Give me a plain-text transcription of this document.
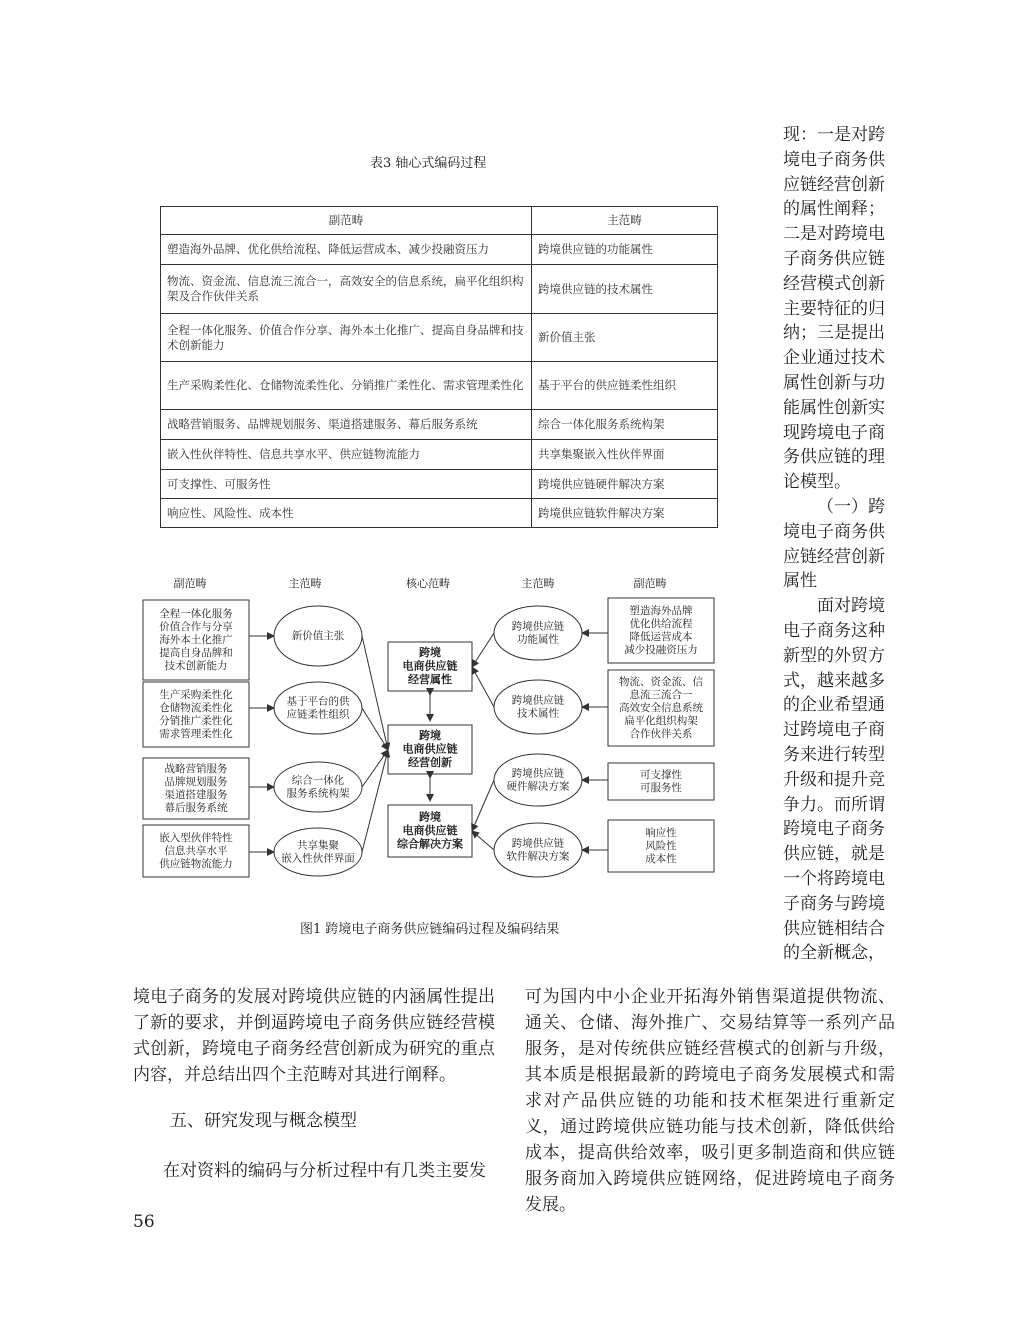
表3 轴心式编码过程
副范畴	主范畴
塑造海外品牌、优化供给流程、降低运营成本、减少投融资压力	跨境供应链的功能属性
物流、资金流、信息流三流合一，高效安全的信息系统，扁平化组织构架及合作伙伴关系	跨境供应链的技术属性
全程一体化服务、价值合作分享、海外本土化推广、提高自身品牌和技术创新能力	新价值主张
生产采购柔性化、仓储物流柔性化、分销推广柔性化、需求管理柔性化	基于平台的供应链柔性组织
战略营销服务、品牌规划服务、渠道搭建服务、幕后服务系统	综合一体化服务系统构架
嵌入性伙伴特性、信息共享水平、供应链物流能力	共享集聚嵌入性伙伴界面
可支撑性、可服务性	跨境供应链硬件解决方案
响应性、风险性、成本性	跨境供应链软件解决方案

现：一是对跨境电子商务供应链经营创新的属性阐释；二是对跨境电子商务供应链经营模式创新主要特征的归纳；三是提出企业通过技术属性创新与功能属性创新实现跨境电子商务供应链的理论模型。

（一）跨境电子商务供应链经营创新属性

面对跨境电子商务这种新型的外贸方式，越来越多的企业希望通过跨境电子商务来进行转型升级和提升竞争力。而所谓跨境电子商务供应链，就是一个将跨境电子商务与跨境供应链相结合的全新概念，

副范畴	主范畴	核心范畴	主范畴	副范畴
全程一体化服务
价值合作与分享
海外本土化推广
提高自身品牌和
技术创新能力
生产采购柔性化
仓储物流柔性化
分销推广柔性化
需求管理柔性化
战略营销服务
品牌规划服务
渠道搭建服务
幕后服务系统
嵌入型伙伴特性
信息共享水平
供应链物流能力
新价值主张
基于平台的供
应链柔性组织
综合一体化
服务系统构架
共享集聚
嵌入性伙伴界面
跨境
电商供应链
经营属性
跨境
电商供应链
经营创新
跨境
电商供应链
综合解决方案
跨境供应链
功能属性
跨境供应链
技术属性
跨境供应链
硬件解决方案
跨境供应链
软件解决方案
塑造海外品牌
优化供给流程
降低运营成本
减少投融资压力
物流、资金流、信
息流三流合一
高效安全信息系统
扁平化组织构架
合作伙伴关系
可支撑性
可服务性
响应性
风险性
成本性
图1 跨境电子商务供应链编码过程及编码结果

境电子商务的发展对跨境供应链的内涵属性提出了新的要求，并倒逼跨境电子商务供应链经营模式创新，跨境电子商务经营创新成为研究的重点内容，并总结出四个主范畴对其进行阐释。

五、研究发现与概念模型
在对资料的编码与分析过程中有几类主要发

可为国内中小企业开拓海外销售渠道提供物流、通关、仓储、海外推广、交易结算等一系列产品服务，是对传统供应链经营模式的创新与升级，其本质是根据最新的跨境电子商务发展模式和需求对产品供应链的功能和技术框架进行重新定义，通过跨境供应链功能与技术创新，降低供给成本，提高供给效率，吸引更多制造商和供应链服务商加入跨境供应链网络，促进跨境电子商务发展。

56
